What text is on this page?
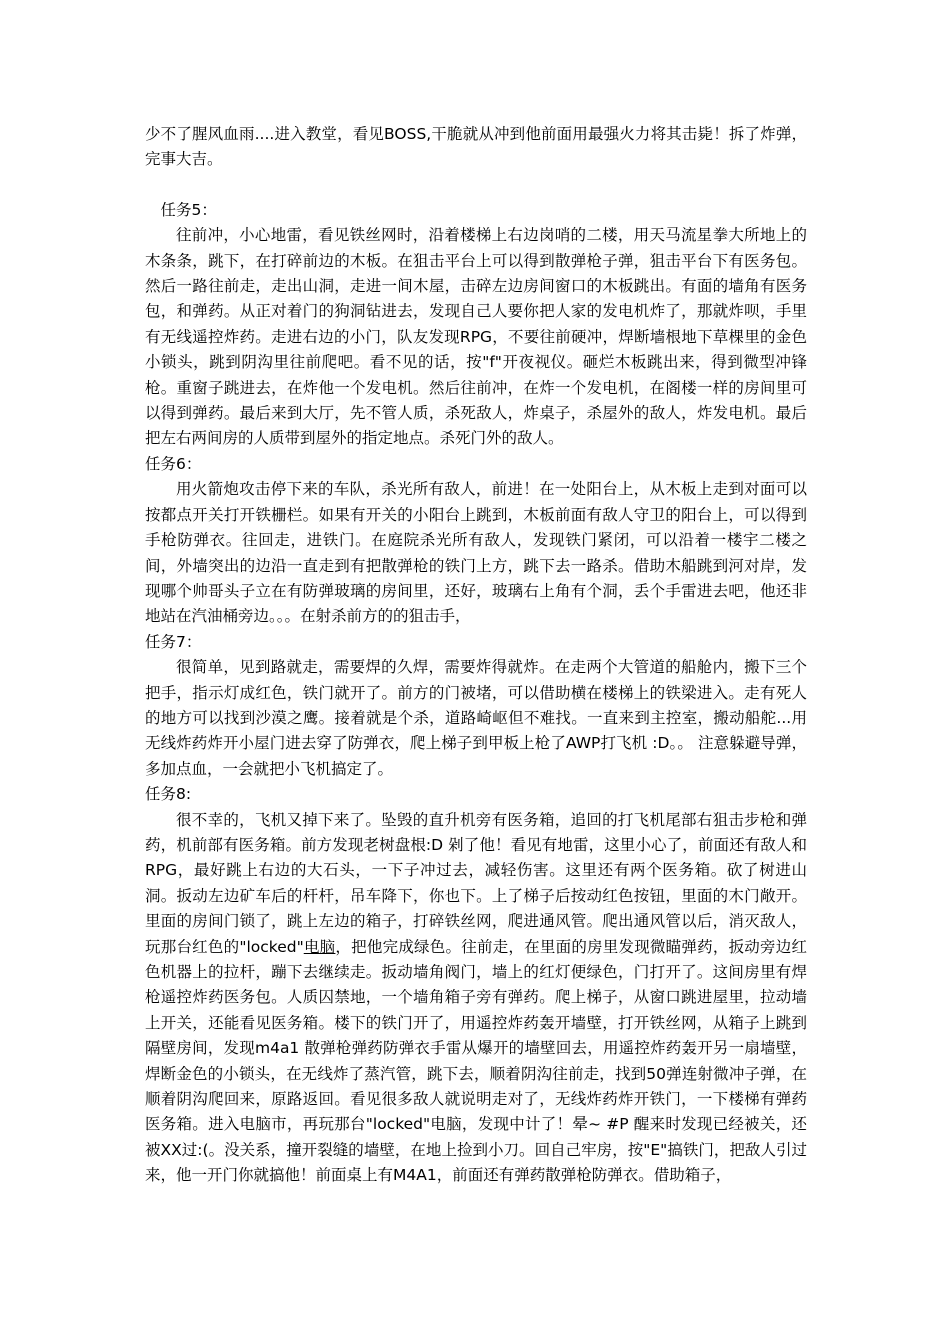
少不了腥风血雨....进入教堂，看见BOSS,干脆就从冲到他前面用最强火力将其击毙！拆了炸弹，完事大吉。

任务5：

往前冲，小心地雷，看见铁丝网时，沿着楼梯上右边岗哨的二楼，用天马流星拳大所地上的木条条，跳下，在打碎前边的木板。在狙击平台上可以得到散弹枪子弹，狙击平台下有医务包。然后一路往前走，走出山洞，走进一间木屋，击碎左边房间窗口的木板跳出。有面的墙角有医务包，和弹药。从正对着门的狗洞钻进去，发现自己人要你把人家的发电机炸了，那就炸呗，手里有无线遥控炸药。走进右边的小门，队友发现RPG，不要往前硬冲，焊断墙根地下草棵里的金色小锁头，跳到阴沟里往前爬吧。看不见的话，按"f"开夜视仪。砸烂木板跳出来，得到微型冲锋枪。重窗子跳进去，在炸他一个发电机。然后往前冲，在炸一个发电机，在阁楼一样的房间里可以得到弹药。最后来到大厅，先不管人质，杀死敌人，炸桌子，杀屋外的敌人，炸发电机。最后把左右两间房的人质带到屋外的指定地点。杀死门外的敌人。

任务6：

用火箭炮攻击停下来的车队，杀光所有敌人，前进！在一处阳台上，从木板上走到对面可以按都点开关打开铁栅栏。如果有开关的小阳台上跳到，木板前面有敌人守卫的阳台上，可以得到手枪防弹衣。往回走，进铁门。在庭院杀光所有敌人，发现铁门紧闭，可以沿着一楼宇二楼之间，外墙突出的边沿一直走到有把散弹枪的铁门上方，跳下去一路杀。借助木船跳到河对岸，发现哪个帅哥头子立在有防弹玻璃的房间里，还好，玻璃右上角有个洞，丢个手雷进去吧，他还非地站在汽油桶旁边。。。在射杀前方的的狙击手，

任务7：

很简单，见到路就走，需要焊的久焊，需要炸得就炸。在走两个大管道的船舱内，搬下三个把手，指示灯成红色，铁门就开了。前方的门被堵，可以借助横在楼梯上的铁梁进入。走有死人的地方可以找到沙漠之鹰。接着就是个杀，道路崎岖但不难找。一直来到主控室，搬动船舵...用无线炸药炸开小屋门进去穿了防弹衣，爬上梯子到甲板上枪了AWP打飞机 :D。。 注意躲避导弹，多加点血，一会就把小飞机搞定了。

任务8:

很不幸的，飞机又掉下来了。坠毁的直升机旁有医务箱，追回的打飞机尾部右狙击步枪和弹药，机前部有医务箱。前方发现老树盘根:D 剁了他！看见有地雷，这里小心了，前面还有敌人和RPG，最好跳上右边的大石头，一下子冲过去，减轻伤害。这里还有两个医务箱。砍了树进山洞。扳动左边矿车后的杆杆，吊车降下，你也下。上了梯子后按动红色按钮，里面的木门敞开。里面的房间门锁了，跳上左边的箱子，打碎铁丝网，爬进通风管。爬出通风管以后，消灭敌人，玩那台红色的"locked"电脑，把他完成绿色。往前走，在里面的房里发现微瞄弹药，扳动旁边红色机器上的拉杆，蹦下去继续走。扳动墙角阀门，墙上的红灯便绿色，门打开了。这间房里有焊枪遥控炸药医务包。人质囚禁地，一个墙角箱子旁有弹药。爬上梯子，从窗口跳进屋里，拉动墙上开关，还能看见医务箱。楼下的铁门开了，用遥控炸药轰开墙壁，打开铁丝网，从箱子上跳到隔壁房间，发现m4a1 散弹枪弹药防弹衣手雷从爆开的墙壁回去，用遥控炸药轰开另一扇墙壁，焊断金色的小锁头，在无线炸了蒸汽管，跳下去，顺着阴沟往前走，找到50弹连射微冲子弹，在顺着阴沟爬回来，原路返回。看见很多敌人就说明走对了，无线炸药炸开铁门，一下楼梯有弹药医务箱。进入电脑市，再玩那台"locked"电脑，发现中计了！晕~ #P 醒来时发现已经被关，还被XX过:(。没关系，撞开裂缝的墙壁，在地上捡到小刀。回自己牢房，按"E"搞铁门，把敌人引过来，他一开门你就搞他！前面桌上有M4A1，前面还有弹药散弹枪防弹衣。借助箱子，
